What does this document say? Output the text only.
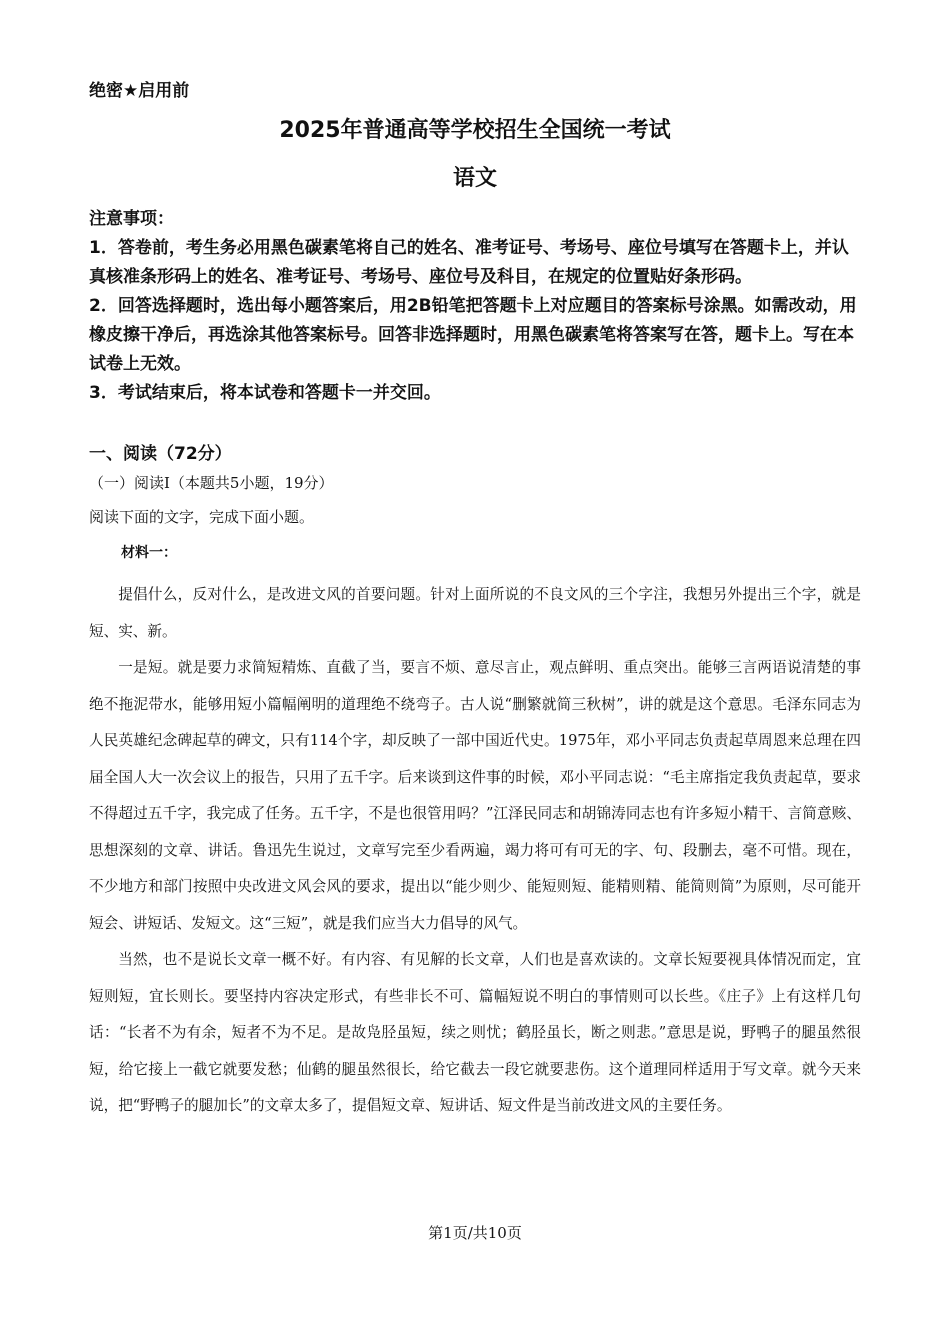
绝密★启用前
2025年普通高等学校招生全国统一考试
语文

注意事项：

1．答卷前，考生务必用黑色碳素笔将自己的姓名、准考证号、考场号、座位号填写在答题卡上，并认真核准条形码上的姓名、准考证号、考场号、座位号及科目，在规定的位置贴好条形码。

2．回答选择题时，选出每小题答案后，用2B铅笔把答题卡上对应题目的答案标号涂黑。如需改动，用橡皮擦干净后，再选涂其他答案标号。回答非选择题时，用黑色碳素笔将答案写在答，题卡上。写在本试卷上无效。

3．考试结束后，将本试卷和答题卡一并交回。

一、阅读（72分）
（一）阅读I（本题共5小题，19分）
阅读下面的文字，完成下面小题。
材料一：

提倡什么，反对什么，是改进文风的首要问题。针对上面所说的不良文风的三个字注，我想另外提出三个字，就是短、实、新。

一是短。就是要力求简短精炼、直截了当，要言不烦、意尽言止，观点鲜明、重点突出。能够三言两语说清楚的事绝不拖泥带水，能够用短小篇幅阐明的道理绝不绕弯子。古人说“删繁就简三秋树”，讲的就是这个意思。毛泽东同志为人民英雄纪念碑起草的碑文，只有114个字，却反映了一部中国近代史。1975年，邓小平同志负责起草周恩来总理在四届全国人大一次会议上的报告，只用了五千字。后来谈到这件事的时候，邓小平同志说：“毛主席指定我负责起草，要求不得超过五千字，我完成了任务。五千字，不是也很管用吗？”江泽民同志和胡锦涛同志也有许多短小精干、言简意赅、思想深刻的文章、讲话。鲁迅先生说过，文章写完至少看两遍，竭力将可有可无的字、句、段删去，毫不可惜。现在，不少地方和部门按照中央改进文风会风的要求，提出以“能少则少、能短则短、能精则精、能简则简”为原则，尽可能开短会、讲短话、发短文。这“三短”，就是我们应当大力倡导的风气。

当然，也不是说长文章一概不好。有内容、有见解的长文章，人们也是喜欢读的。文章长短要视具体情况而定，宜短则短，宜长则长。要坚持内容决定形式，有些非长不可、篇幅短说不明白的事情则可以长些。《庄子》上有这样几句话：“长者不为有余，短者不为不足。是故凫胫虽短，续之则忧；鹤胫虽长，断之则悲。”意思是说，野鸭子的腿虽然很短，给它接上一截它就要发愁；仙鹤的腿虽然很长，给它截去一段它就要悲伤。这个道理同样适用于写文章。就今天来说，把“野鸭子的腿加长”的文章太多了，提倡短文章、短讲话、短文件是当前改进文风的主要任务。

第1页/共10页
